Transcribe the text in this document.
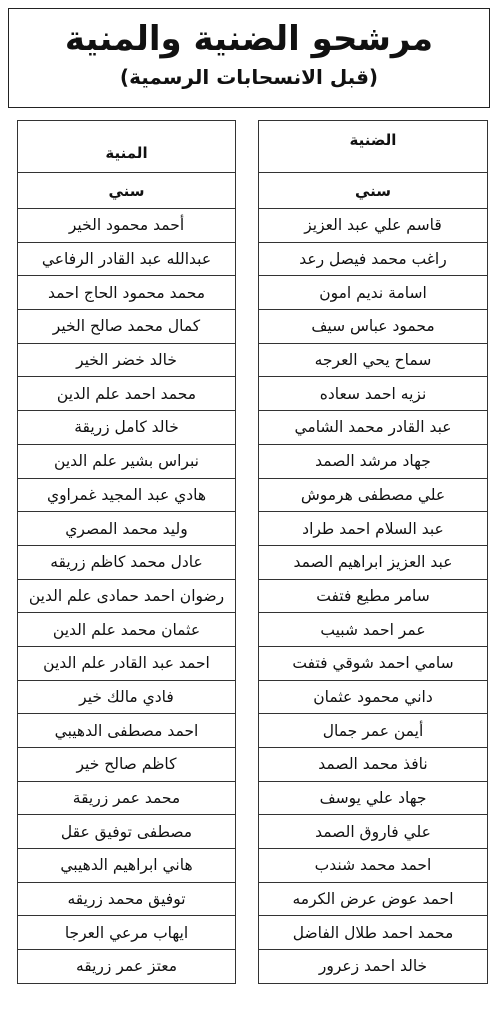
مرشحو الضنية والمنية
(قبل الانسحابات الرسمية)
الضنية
سني
قاسم علي عبد العزيز
راغب محمد فيصل رعد
اسامة نديم امون
محمود عباس سيف
سماح يحي العرجه
نزيه احمد سعاده
عبد القادر محمد الشامي
جهاد مرشد الصمد
علي مصطفى هرموش
عبد السلام احمد طراد
عبد العزيز ابراهيم الصمد
سامر مطيع فتفت
عمر احمد شبيب
سامي احمد شوقي فتفت
داني محمود عثمان
أيمن عمر جمال
نافذ محمد الصمد
جهاد علي يوسف
علي فاروق الصمد
احمد محمد شندب
احمد عوض عرض الكرمه
محمد احمد طلال الفاضل
خالد احمد زعرور
المنية
سني
أحمد محمود الخير
عبدالله عبد القادر الرفاعي
محمد محمود الحاج احمد
كمال محمد صالح الخير
خالد خضر الخير
محمد احمد علم الدين
خالد كامل زريقة
نبراس بشير علم الدين
هادي عبد المجيد غمراوي
وليد محمد المصري
عادل محمد كاظم زريقه
رضوان احمد حمادى علم الدين
عثمان محمد علم الدين
احمد عبد القادر علم الدين
فادي مالك خير
احمد مصطفى الدهيبي
كاظم صالح خير
محمد عمر زريقة
مصطفى توفيق عقل
هاني ابراهيم الدهيبي
توفيق محمد زريقه
ايهاب مرعي العرجا
معتز عمر زريقه
